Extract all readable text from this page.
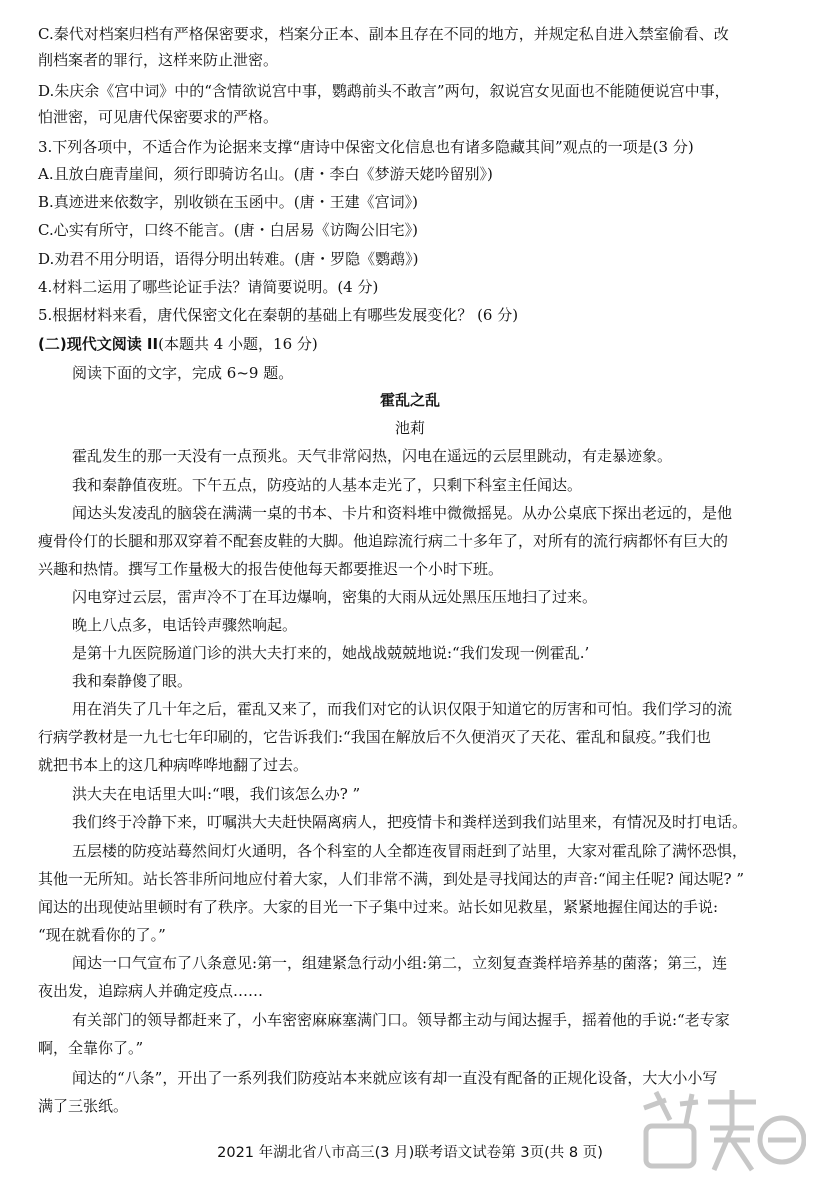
C.秦代对档案归档有严格保密要求，档案分正本、副本且存在不同的地方，并规定私自进入禁室偷看、改
削档案者的罪行，这样来防止泄密。
D.朱庆余《宫中词》中的“含情欲说宫中事，鹦鹉前头不敢言”两句，叙说宫女见面也不能随便说宫中事，
怕泄密，可见唐代保密要求的严格。
3.下列各项中，不适合作为论据来支撑“唐诗中保密文化信息也有诸多隐藏其间”观点的一项是(3 分)
A.且放白鹿青崖间，须行即骑访名山。(唐・李白《梦游天姥吟留别》)
B.真迹进来依数字，别收锁在玉函中。(唐・王建《宫词》)
C.心实有所守，口终不能言。(唐・白居易《访陶公旧宅》)
D.劝君不用分明语，语得分明出转难。(唐・罗隐《鹦鹉》)
4.材料二运用了哪些论证手法？请简要说明。(4 分)
5.根据材料来看，唐代保密文化在秦朝的基础上有哪些发展变化？ (6 分)
(二)现代文阅读 II(本题共 4 小题，16 分)
阅读下面的文字，完成 6~9 题。
霍乱之乱
池莉
霍乱发生的那一天没有一点预兆。天气非常闷热，闪电在遥远的云层里跳动，有走暴迹象。
我和秦静值夜班。下午五点，防疫站的人基本走光了，只剩下科室主任闻达。
闻达头发凌乱的脑袋在满满一桌的书本、卡片和资料堆中微微摇晃。从办公桌底下探出老远的，是他
瘦骨伶仃的长腿和那双穿着不配套皮鞋的大脚。他追踪流行病二十多年了，对所有的流行病都怀有巨大的
兴趣和热情。撰写工作量极大的报告使他每天都要推迟一个小时下班。
闪电穿过云层，雷声冷不丁在耳边爆响，密集的大雨从远处黑压压地扫了过来。
晚上八点多，电话铃声骤然响起。
是第十九医院肠道门诊的洪大夫打来的，她战战兢兢地说:“我们发现一例霍乱.’
我和秦静傻了眼。
用在消失了几十年之后，霍乱又来了，而我们对它的认识仅限于知道它的厉害和可怕。我们学习的流
行病学教材是一九七七年印刷的，它告诉我们:“我国在解放后不久便消灭了天花、霍乱和鼠疫。”我们也
就把书本上的这几种病哗哗地翻了过去。
洪大夫在电话里大叫:“喂，我们该怎么办? ”
我们终于冷静下来，叮嘱洪大夫赶快隔离病人，把疫情卡和粪样送到我们站里来，有情况及时打电话。
五层楼的防疫站蓦然间灯火通明，各个科室的人全都连夜冒雨赶到了站里，大家对霍乱除了满怀恐惧，
其他一无所知。站长答非所问地应付着大家，人们非常不满，到处是寻找闻达的声音:“闻主任呢? 闻达呢? ”
闻达的出现使站里顿时有了秩序。大家的目光一下子集中过来。站长如见救星，紧紧地握住闻达的手说:
“现在就看你的了。”
闻达一口气宣布了八条意见:第一，组建紧急行动小组:第二，立刻复查粪样培养基的菌落；第三，连
夜出发，追踪病人并确定疫点……
有关部门的领导都赶来了，小车密密麻麻塞满门口。领导都主动与闻达握手，摇着他的手说:“老专家
啊，全靠你了。”
闻达的“八条”，开出了一系列我们防疫站本来就应该有却一直没有配备的正规化设备，大大小小写
满了三张纸。
2021 年湖北省八市高三(3 月)联考语文试卷第 3页(共 8 页)
